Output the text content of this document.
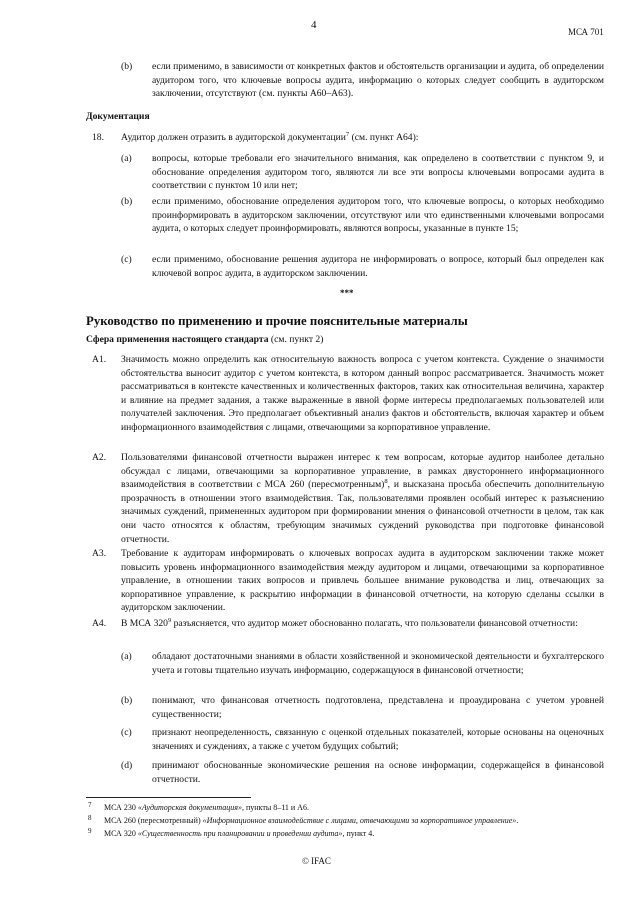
4
МСА 701
(b) если применимо, в зависимости от конкретных фактов и обстоятельств организации и аудита, об определении аудитором того, что ключевые вопросы аудита, информацию о которых следует сообщить в аудиторском заключении, отсутствуют (см. пункты А60–А63).
Документация
18. Аудитор должен отразить в аудиторской документации$^7$ (см. пункт А64):
(a) вопросы, которые требовали его значительного внимания, как определено в соответствии с пунктом 9, и обоснование определения аудитором того, являются ли все эти вопросы ключевыми вопросами аудита в соответствии с пунктом 10 или нет;
(b) если применимо, обоснование определения аудитором того, что ключевые вопросы, о которых необходимо проинформировать в аудиторском заключении, отсутствуют или что единственными ключевыми вопросами аудита, о которых следует проинформировать, являются вопросы, указанные в пункте 15;
(c) если применимо, обоснование решения аудитора не информировать о вопросе, который был определен как ключевой вопрос аудита, в аудиторском заключении.
***
Руководство по применению и прочие пояснительные материалы
Сфера применения настоящего стандарта (см. пункт 2)
А1. Значимость можно определить как относительную важность вопроса с учетом контекста. Суждение о значимости обстоятельства выносит аудитор с учетом контекста, в котором данный вопрос рассматривается. Значимость может рассматриваться в контексте качественных и количественных факторов, таких как относительная величина, характер и влияние на предмет задания, а также выраженные в явной форме интересы предполагаемых пользователей или получателей заключения. Это предполагает объективный анализ фактов и обстоятельств, включая характер и объем информационного взаимодействия с лицами, отвечающими за корпоративное управление.
А2. Пользователями финансовой отчетности выражен интерес к тем вопросам, которые аудитор наиболее детально обсуждал с лицами, отвечающими за корпоративное управление, в рамках двустороннего информационного взаимодействия в соответствии с МСА 260 (пересмотренным)$^8$, и высказана просьба обеспечить дополнительную прозрачность в отношении этого взаимодействия. Так, пользователями проявлен особый интерес к разъяснению значимых суждений, примененных аудитором при формировании мнения о финансовой отчетности в целом, так как они часто относятся к областям, требующим значимых суждений руководства при подготовке финансовой отчетности.
А3. Требование к аудиторам информировать о ключевых вопросах аудита в аудиторском заключении также может повысить уровень информационного взаимодействия между аудитором и лицами, отвечающими за корпоративное управление, в отношении таких вопросов и привлечь большее внимание руководства и лиц, отвечающих за корпоративное управление, к раскрытию информации в финансовой отчетности, на которую сделаны ссылки в аудиторском заключении.
А4. В МСА $320^9$ разъясняется, что аудитор может обоснованно полагать, что пользователи финансовой отчетности:
(a) обладают достаточными знаниями в области хозяйственной и экономической деятельности и бухгалтерского учета и готовы тщательно изучать информацию, содержащуюся в финансовой отчетности;
(b) понимают, что финансовая отчетность подготовлена, представлена и проаудирована с учетом уровней существенности;
(c) признают неопределенность, связанную с оценкой отдельных показателей, которые основаны на оценочных значениях и суждениях, а также с учетом будущих событий;
(d) принимают обоснованные экономические решения на основе информации, содержащейся в финансовой отчетности.
7 МСА 230 «Аудиторская документация», пункты 8–11 и А6.
8 МСА 260 (пересмотренный) «Информационное взаимодействие с лицами, отвечающими за корпоративное управление».
9 МСА 320 «Существенность при планировании и проведении аудита», пункт 4.
© IFAC
